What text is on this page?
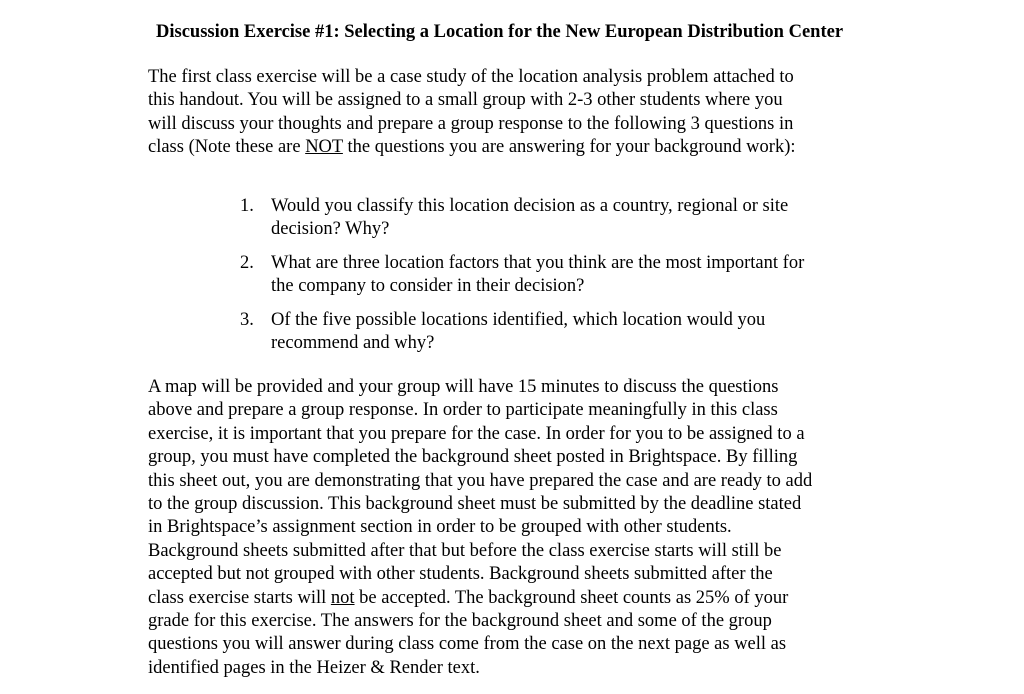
Discussion Exercise #1: Selecting a Location for the New European Distribution Center

The first class exercise will be a case study of the location analysis problem attached to
this handout. You will be assigned to a small group with 2-3 other students where you
will discuss your thoughts and prepare a group response to the following 3 questions in
class (Note these are NOT the questions you are answering for your background work):

1. Would you classify this location decision as a country, regional or site
decision? Why?
2. What are three location factors that you think are the most important for
the company to consider in their decision?
3. Of the five possible locations identified, which location would you
recommend and why?

A map will be provided and your group will have 15 minutes to discuss the questions
above and prepare a group response. In order to participate meaningfully in this class
exercise, it is important that you prepare for the case. In order for you to be assigned to a
group, you must have completed the background sheet posted in Brightspace. By filling
this sheet out, you are demonstrating that you have prepared the case and are ready to add
to the group discussion. This background sheet must be submitted by the deadline stated
in Brightspace’s assignment section in order to be grouped with other students.
Background sheets submitted after that but before the class exercise starts will still be
accepted but not grouped with other students. Background sheets submitted after the
class exercise starts will not be accepted. The background sheet counts as 25% of your
grade for this exercise. The answers for the background sheet and some of the group
questions you will answer during class come from the case on the next page as well as
identified pages in the Heizer & Render text.
